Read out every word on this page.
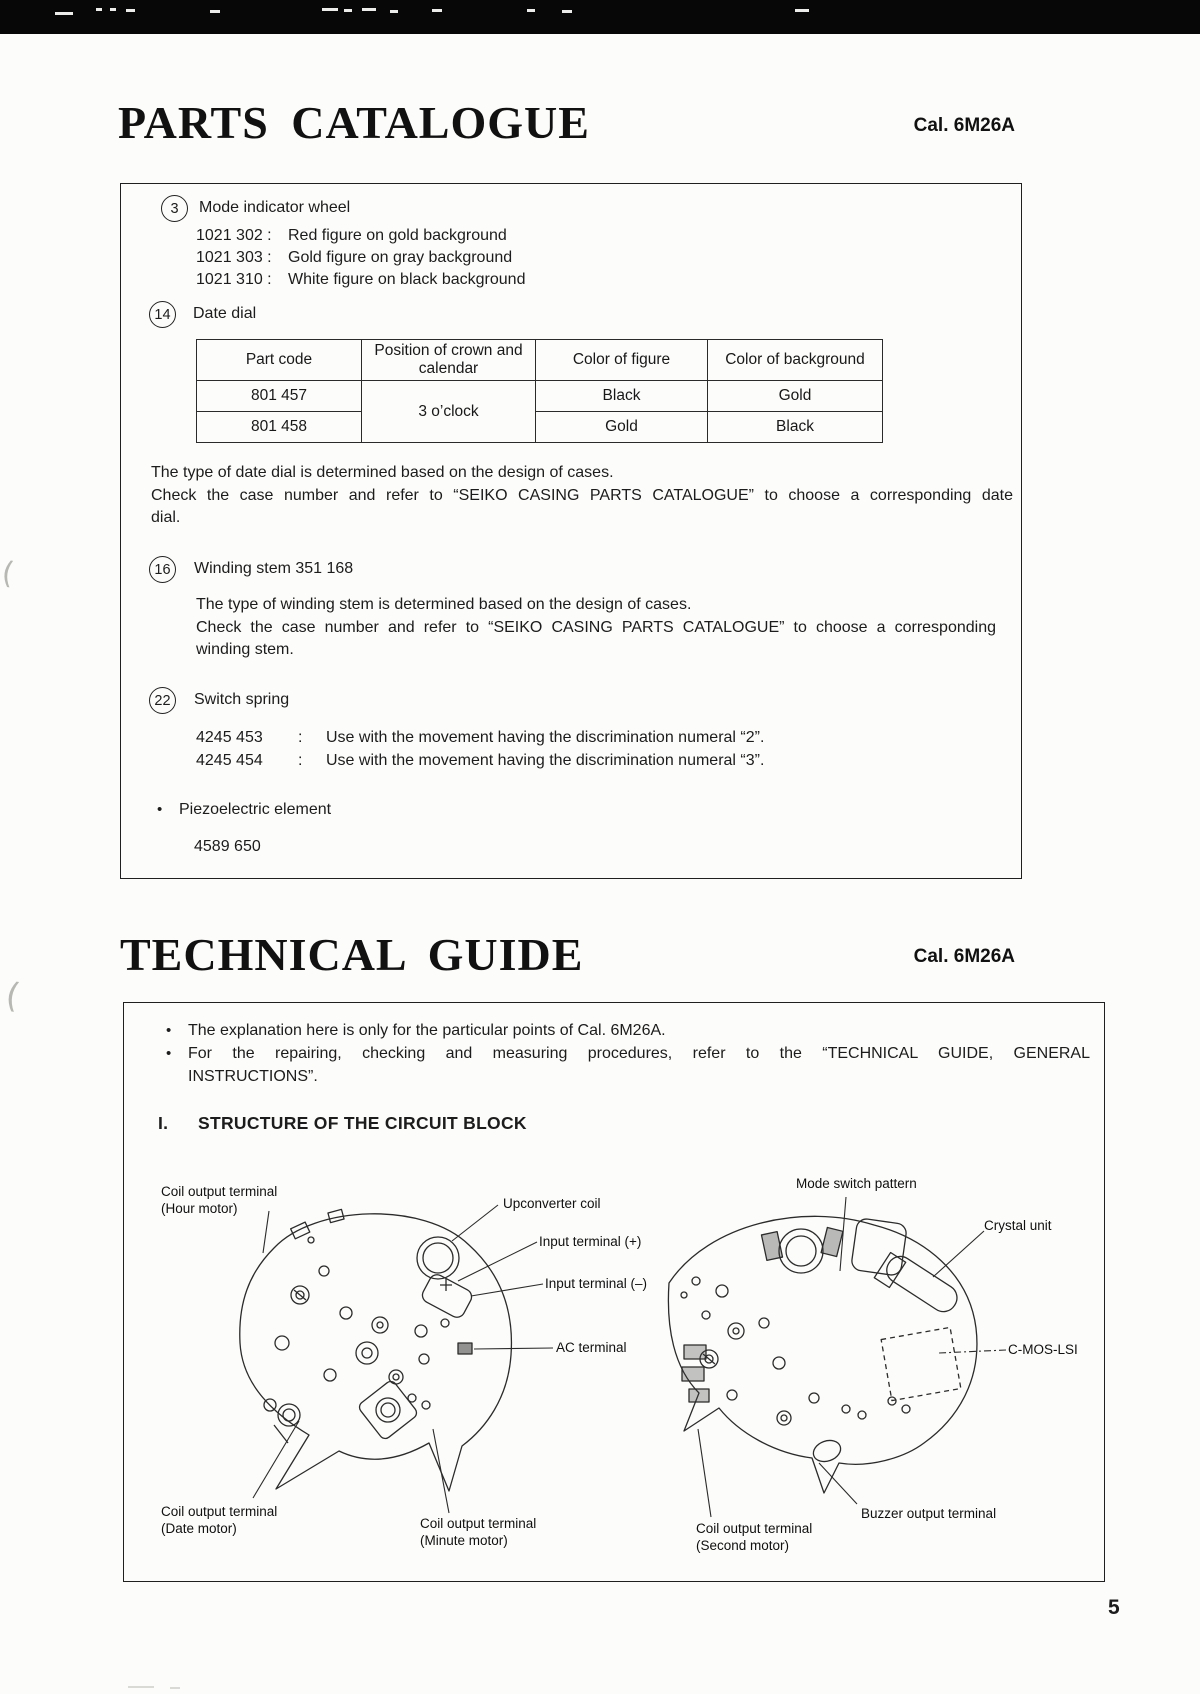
(
(
PARTS CATALOGUE	Cal. 6M26A
3	Mode indicator wheel
1021 302 :	Red figure on gold background
1021 303 :	Gold figure on gray background
1021 310 :	White figure on black background
14	Date dial
Part code	Position of crown and calendar	Color of figure	Color of background
801 457	3 o’clock	Black	Gold
801 458		Gold	Black
The type of date dial is determined based on the design of cases.
Check the case number and refer to “SEIKO CASING PARTS CATALOGUE” to choose a corresponding date
dial.
16	Winding stem 351 168
The type of winding stem is determined based on the design of cases.
Check the case number and refer to “SEIKO CASING PARTS CATALOGUE” to choose a corresponding
winding stem.
22	Switch spring
4245 453	:	Use with the movement having the discrimination numeral “2”.
4245 454	:	Use with the movement having the discrimination numeral “3”.
•	Piezoelectric element
4589 650
TECHNICAL GUIDE	Cal. 6M26A
•	The explanation here is only for the particular points of Cal. 6M26A.
•	For the repairing, checking and measuring procedures, refer to the “TECHNICAL GUIDE, GENERAL
INSTRUCTIONS”.
I. STRUCTURE OF THE CIRCUIT BLOCK
Coil output terminal
(Hour motor)	Upconverter coil
Input terminal (+)
Input terminal (–)
AC terminal
Mode switch pattern
Crystal unit
C-MOS-LSI
Coil output terminal
(Date motor)	Coil output terminal
(Minute motor)
Coil output terminal
(Second motor)
Buzzer output terminal
5
